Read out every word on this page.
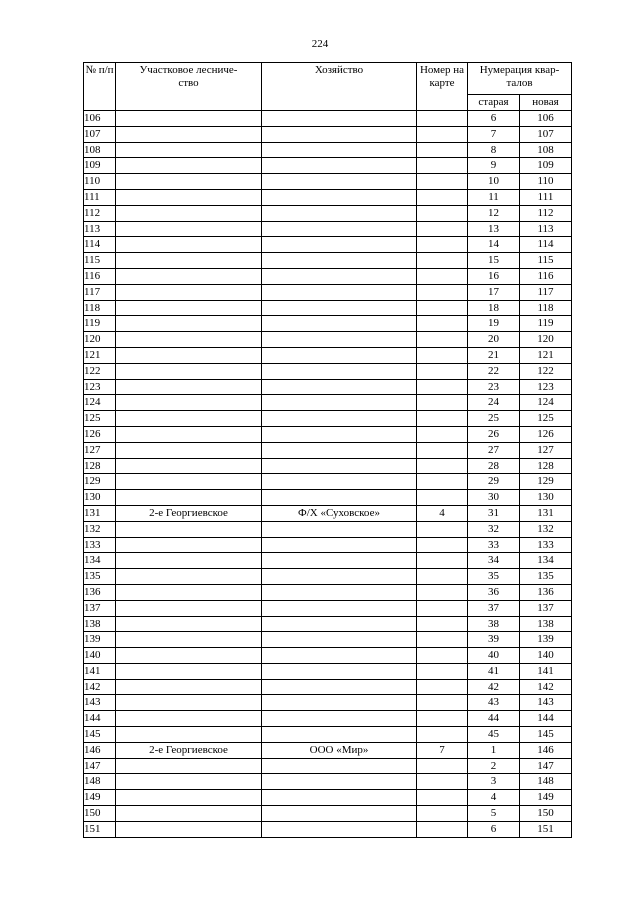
224
№ п/п	Участковое лесниче-ство	Хозяйство	Номер на карте	Нумерация квар-талов	
				старая	новая
106				6	106
107				7	107
108				8	108
109				9	109
110				10	110
111				11	111
112				12	112
113				13	113
114				14	114
115				15	115
116				16	116
117				17	117
118				18	118
119				19	119
120				20	120
121				21	121
122				22	122
123				23	123
124				24	124
125				25	125
126				26	126
127				27	127
128				28	128
129				29	129
130				30	130
131	2-е Георгиевское	Ф/Х «Суховское»	4	31	131
132				32	132
133				33	133
134				34	134
135				35	135
136				36	136
137				37	137
138				38	138
139				39	139
140				40	140
141				41	141
142				42	142
143				43	143
144				44	144
145				45	145
146	2-е Георгиевское	ООО «Мир»	7	1	146
147				2	147
148				3	148
149				4	149
150				5	150
151				6	151
